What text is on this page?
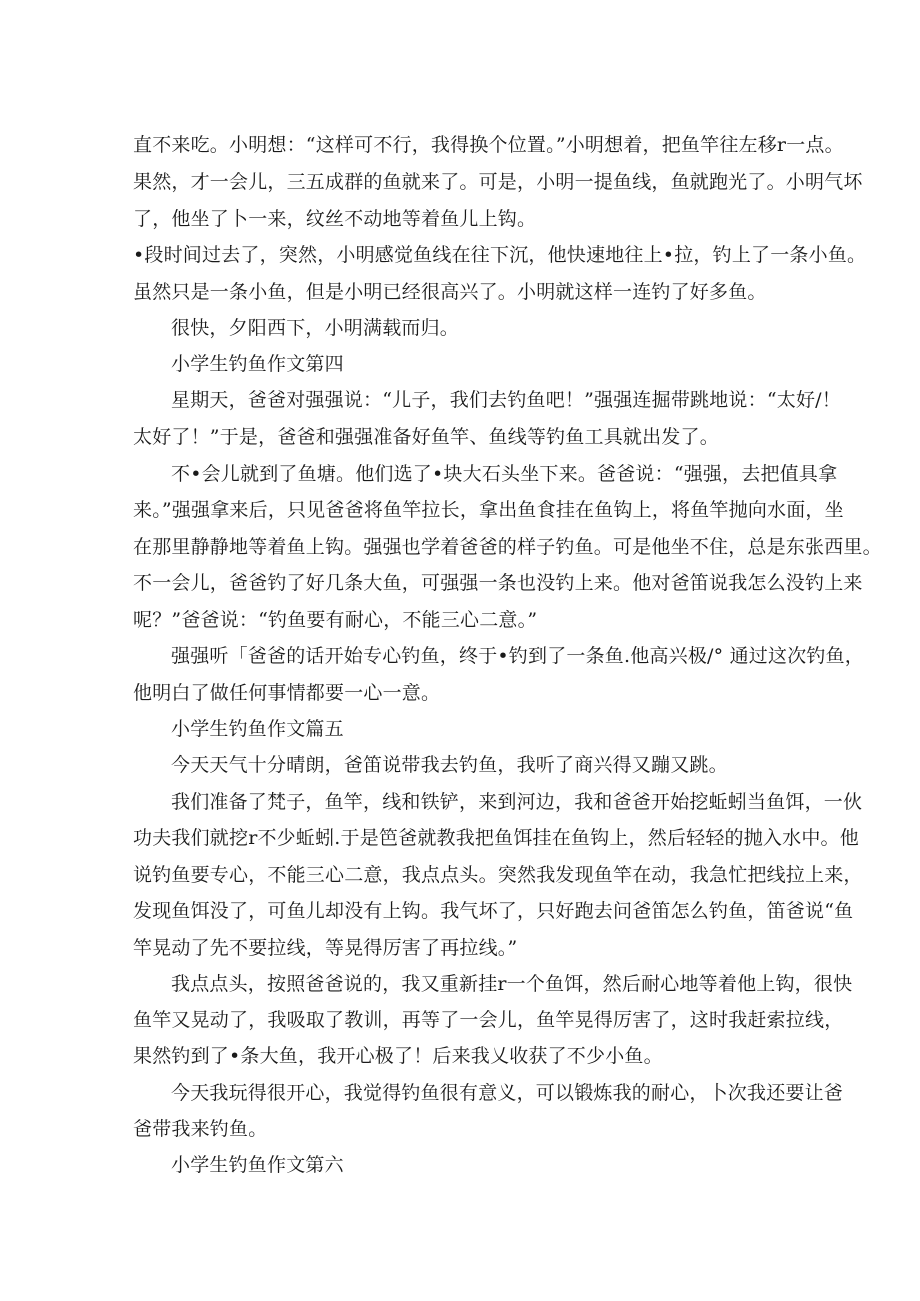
直不来吃。小明想：“这样可不行，我得换个位置。”小明想着，把鱼竿往左移r一点。
果然，才一会儿，三五成群的鱼就来了。可是，小明一提鱼线，鱼就跑光了。小明气坏
了，他坐了卜一来，纹丝不动地等着鱼儿上钩。
•段时间过去了，突然，小明感觉鱼线在往下沉，他快速地往上•拉，钓上了一条小鱼。
虽然只是一条小鱼，但是小明已经很高兴了。小明就这样一连钓了好多鱼。
很快，夕阳西下，小明满载而归。
小学生钓鱼作文第四
星期天，爸爸对强强说：“儿子，我们去钓鱼吧！”强强连掘带跳地说：“太好/！
太好了！”于是，爸爸和强强准备好鱼竿、鱼线等钓鱼工具就出发了。
不•会儿就到了鱼塘。他们选了•块大石头坐下来。爸爸说：“强强，去把值具拿
来。”强强拿来后，只见爸爸将鱼竿拉长，拿出鱼食挂在鱼钩上，将鱼竿抛向水面，坐
在那里静静地等着鱼上钩。强强也学着爸爸的样子钓鱼。可是他坐不住，总是东张西里。
不一会儿，爸爸钓了好几条大鱼，可强强一条也没钓上来。他对爸笛说我怎么没钓上来
呢？”爸爸说：“钓鱼要有耐心，不能三心二意。”
强强听「爸爸的话开始专心钓鱼，终于•钓到了一条鱼.他高兴极/° 通过这次钓鱼，
他明白了做任何事情都要一心一意。
小学生钓鱼作文篇五
今天天气十分晴朗，爸笛说带我去钓鱼，我听了商兴得又蹦又跳。
我们准备了梵子，鱼竿，线和铁铲，来到河边，我和爸爸开始挖蚯蚓当鱼饵，一伙
功夫我们就挖r不少蚯蚓.于是笆爸就教我把鱼饵挂在鱼钩上，然后轻轻的抛入水中。他
说钓鱼要专心，不能三心二意，我点点头。突然我发现鱼竿在动，我急忙把线拉上来，
发现鱼饵没了，可鱼儿却没有上钩。我气坏了，只好跑去问爸笛怎么钓鱼，笛爸说“鱼
竿晃动了先不要拉线，等晃得厉害了再拉线。”
我点点头，按照爸爸说的，我又重新挂r一个鱼饵，然后耐心地等着他上钩，很快
鱼竿又晃动了，我吸取了教训，再等了一会儿，鱼竿晃得厉害了，这时我赶索拉线，
果然钓到了•条大鱼，我开心极了！后来我乂收获了不少小鱼。
今天我玩得很开心，我觉得钓鱼很有意义，可以锻炼我的耐心，卜次我还要让爸
爸带我来钓鱼。
小学生钓鱼作文第六
